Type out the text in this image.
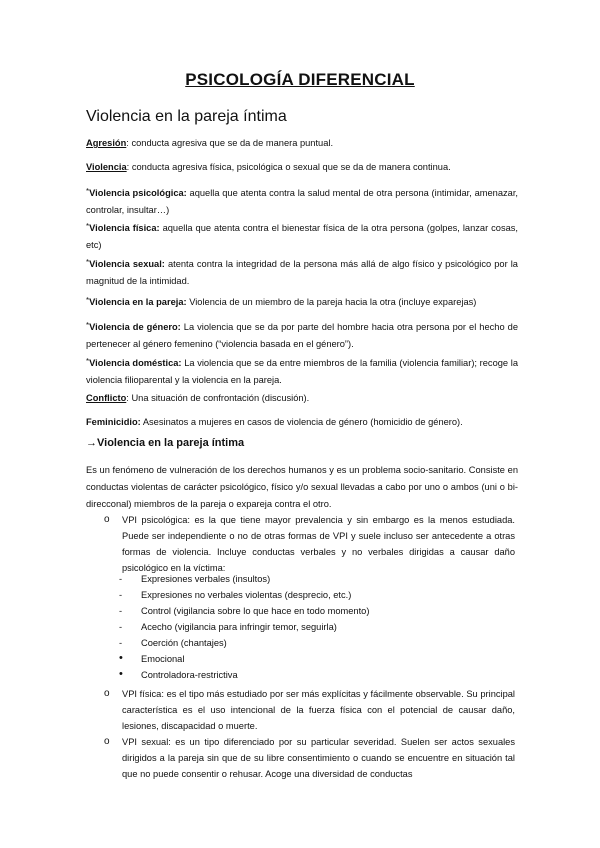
PSICOLOGÍA DIFERENCIAL
Violencia en la pareja íntima
Agresión: conducta agresiva que se da de manera puntual.
Violencia: conducta agresiva física, psicológica o sexual que se da de manera continua.
*Violencia psicológica: aquella que atenta contra la salud mental de otra persona (intimidar, amenazar, controlar, insultar…)
*Violencia física: aquella que atenta contra el bienestar física de la otra persona (golpes, lanzar cosas, etc)
*Violencia sexual: atenta contra la integridad de la persona más allá de algo físico y psicológico por la magnitud de la intimidad.
*Violencia en la pareja: Violencia de un miembro de la pareja hacia la otra (incluye exparejas)
*Violencia de género: La violencia que se da por parte del hombre hacia otra persona por el hecho de pertenecer al género femenino (“violencia basada en el género”).
*Violencia doméstica: La violencia que se da entre miembros de la familia (violencia familiar); recoge la violencia filioparental y la violencia en la pareja.
Conflicto: Una situación de confrontación (discusión).
Feminicidio: Asesinatos a mujeres en casos de violencia de género (homicidio de género).
→Violencia en la pareja íntima
Es un fenómeno de vulneración de los derechos humanos y es un problema socio-sanitario. Consiste en conductas violentas de carácter psicológico, físico y/o sexual llevadas a cabo por uno o ambos (uni o bi-direcconal) miembros de la pareja o expareja contra el otro.
o VPI psicológica: es la que tiene mayor prevalencia y sin embargo es la menos estudiada. Puede ser independiente o no de otras formas de VPI y suele incluso ser antecedente a otras formas de violencia. Incluye conductas verbales y no verbales dirigidas a causar daño psicológico en la víctima:
- Expresiones verbales (insultos)
- Expresiones no verbales violentas (desprecio, etc.)
- Control (vigilancia sobre lo que hace en todo momento)
- Acecho (vigilancia para infringir temor, seguirla)
- Coerción (chantajes)
• Emocional
• Controladora-restrictiva
o VPI física: es el tipo más estudiado por ser más explícitas y fácilmente observable. Su principal característica es el uso intencional de la fuerza física con el potencial de causar daño, lesiones, discapacidad o muerte.
o VPI sexual: es un tipo diferenciado por su particular severidad. Suelen ser actos sexuales dirigidos a la pareja sin que de su libre consentimiento o cuando se encuentre en situación tal que no puede consentir o rehusar. Acoge una diversidad de conductas
